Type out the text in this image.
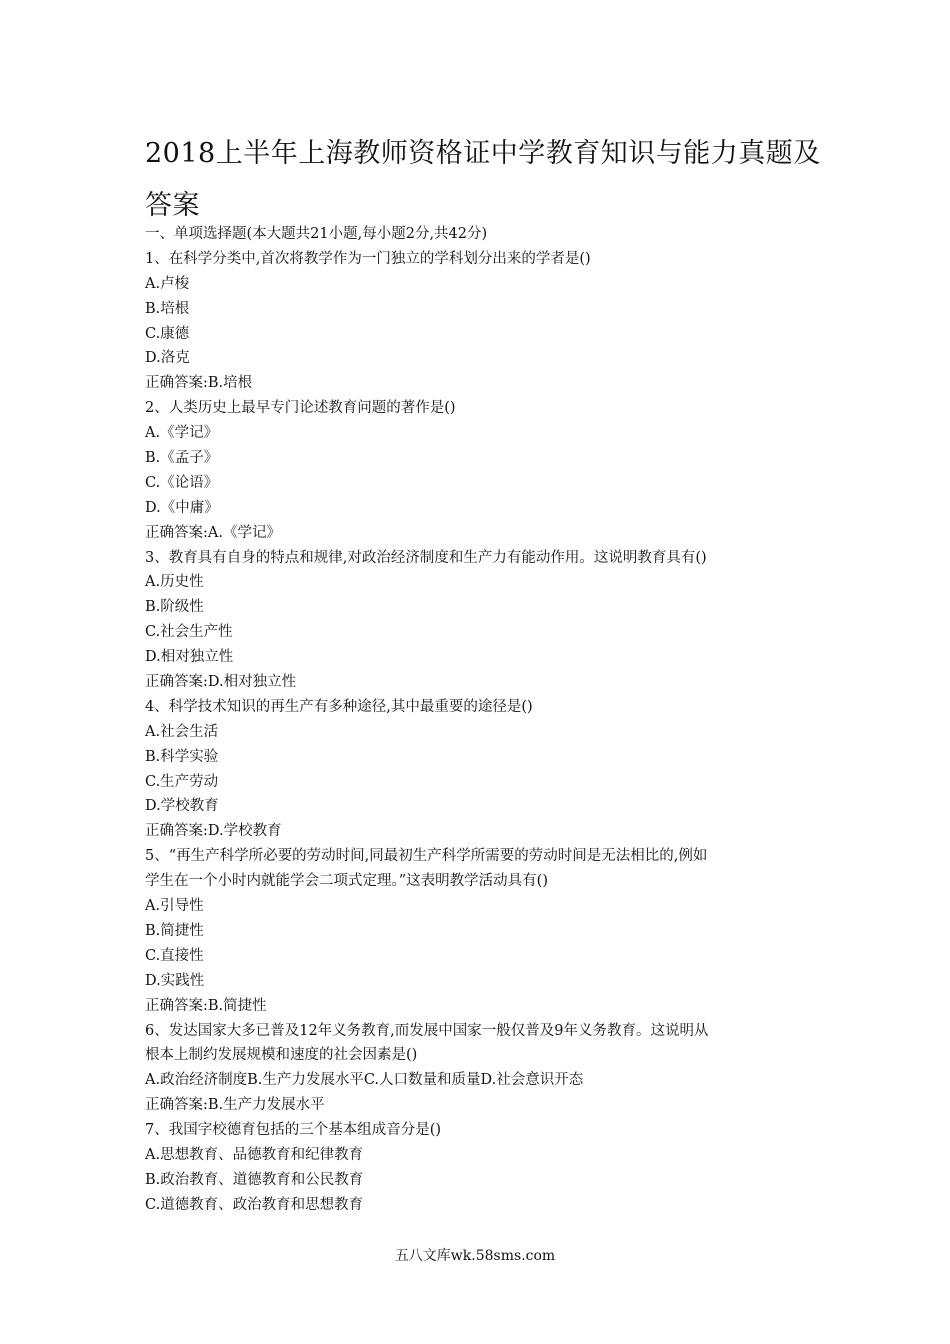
2018上半年上海教师资格证中学教育知识与能力真题及答案
一、单项选择题(本大题共21小题,每小题2分,共42分)
1、在科学分类中,首次将教学作为一门独立的学科划分出来的学者是()
A.卢梭
B.培根
C.康德
D.洛克
正确答案:B.培根
2、人类历史上最早专门论述教育问题的著作是()
A.《学记》
B.《孟子》
C.《论语》
D.《中庸》
正确答案:A.《学记》
3、教育具有自身的特点和规律,对政治经济制度和生产力有能动作用。这说明教育具有()
A.历史性
B.阶级性
C.社会生产性
D.相对独立性
正确答案:D.相对独立性
4、科学技术知识的再生产有多种途径,其中最重要的途径是()
A.社会生活
B.科学实验
C.生产劳动
D.学校教育
正确答案:D.学校教育
5、“再生产科学所必要的劳动时间,同最初生产科学所需要的劳动时间是无法相比的,例如
学生在一个小时内就能学会二项式定理。”这表明教学活动具有()
A.引导性
B.简捷性
C.直接性
D.实践性
正确答案:B.简捷性
6、发达国家大多已普及12年义务教育,而发展中国家一般仅普及9年义务教育。这说明从
根本上制约发展规模和速度的社会因素是()
A.政治经济制度B.生产力发展水平C.人口数量和质量D.社会意识开态
正确答案:B.生产力发展水平
7、我国字校德育包括的三个基本组成音分是()
A.思想教育、品德教育和纪律教育
B.政治教育、道德教育和公民教育
C.道德教育、政治教育和思想教育
五八文库wk.58sms.com
